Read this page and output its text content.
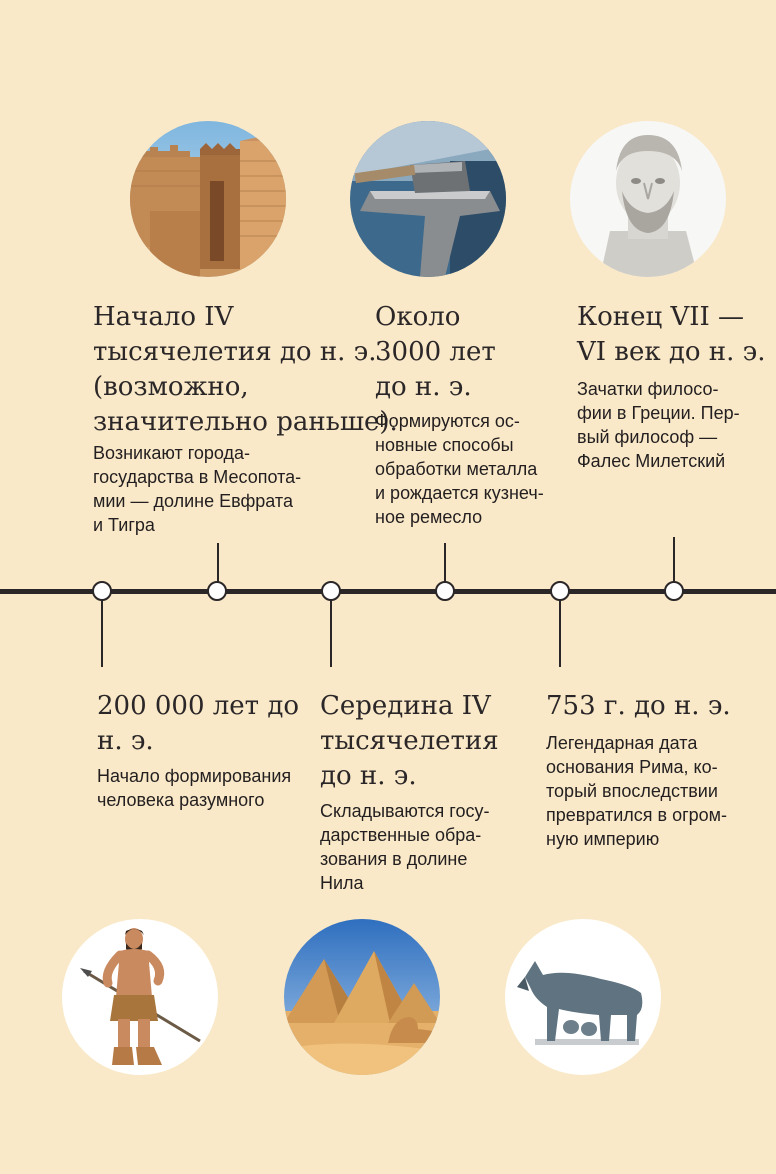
Начало IV
тысячелетия до н. э.
(возможно,
значительно раньше).
Возникают города-
государства в Месопота-
мии — долине Евфрата
и Тигра
Около
3000 лет
до н. э.
Формируются ос-
новные способы
обработки металла
и рождается кузнеч-
ное ремесло
Конец VII —
VI век до н. э.
Зачатки филосо-
фии в Греции. Пер-
вый философ —
Фалес Милетский
200 000 лет до
н. э.
Начало формирования
человека разумного
Середина IV
тысячелетия
до н. э.
Складываются госу-
дарственные обра-
зования в долине
Нила
753 г. до н. э.
Легендарная дата
основания Рима, ко-
торый впоследствии
превратился в огром-
ную империю
